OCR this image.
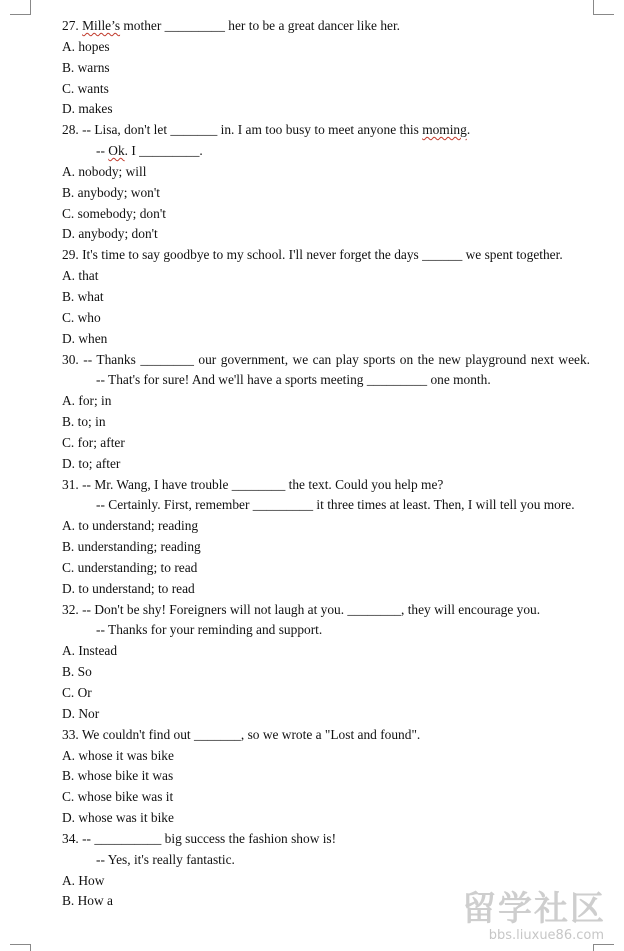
27. Mille’s mother _________ her to be a great dancer like her.
A. hopes
B. warns
C. wants
D. makes
28. -- Lisa, don't let _______ in. I am too busy to meet anyone this moming.
-- Ok. I _________.
A. nobody; will
B. anybody; won't
C. somebody; don't
D. anybody; don't
29. It's time to say goodbye to my school. I'll never forget the days ______ we spent together.
A. that
B. what
C. who
D. when
30. -- Thanks ________ our government, we can play sports on the new playground next week.
-- That's for sure! And we'll have a sports meeting _________ one month.
A. for; in
B. to; in
C. for; after
D. to; after
31. -- Mr. Wang, I have trouble ________ the text. Could you help me?
-- Certainly. First, remember _________ it three times at least. Then, I will tell you more.
A. to understand; reading
B. understanding; reading
C. understanding; to read
D. to understand; to read
32. -- Don't be shy! Foreigners will not laugh at you. ________, they will encourage you.
-- Thanks for your reminding and support.
A. Instead
B. So
C. Or
D. Nor
33. We couldn't find out _______, so we wrote a "Lost and found".
A. whose it was bike
B. whose bike it was
C. whose bike was it
D. whose was it bike
34. -- __________ big success the fashion show is!
-- Yes, it's really fantastic.
A. How
B. How a	留学社区
bbs.liuxue86.com
